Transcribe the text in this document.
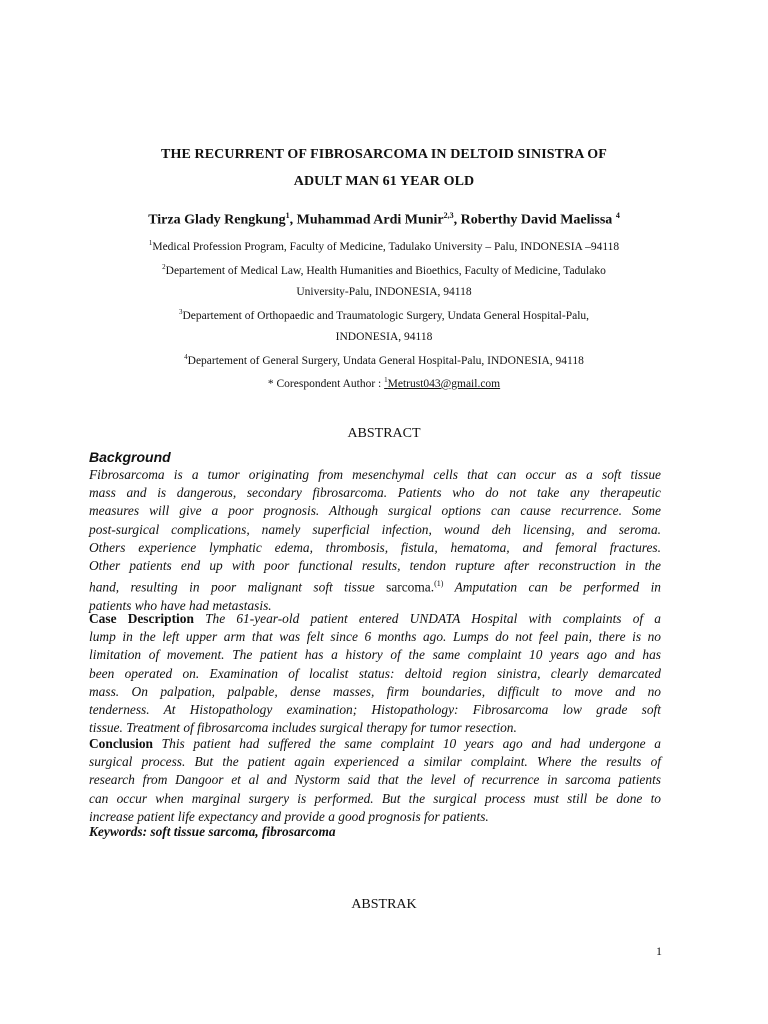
THE RECURRENT OF FIBROSARCOMA IN DELTOID SINISTRA OF
ADULT MAN 61 YEAR OLD
Tirza Glady Rengkung$^1$, Muhammad Ardi Munir$^{2,3}$, Roberthy David Maelissa $^4$
$^1$Medical Profession Program, Faculty of Medicine, Tadulako University – Palu, INDONESIA –94118
$^2$Departement of Medical Law, Health Humanities and Bioethics, Faculty of Medicine, Tadulako
University-Palu, INDONESIA, 94118
$^3$Departement of Orthopaedic and Traumatologic Surgery, Undata General Hospital-Palu,
INDONESIA, 94118
$^4$Departement of General Surgery, Undata General Hospital-Palu, INDONESIA, 94118
* Corespondent Author : $^1$Metrust043@gmail.com
ABSTRACT
Background
Fibrosarcoma is a tumor originating from mesenchymal cells that can occur as a soft tissue
mass and is dangerous, secondary fibrosarcoma. Patients who do not take any therapeutic
measures will give a poor prognosis. Although surgical options can cause recurrence. Some
post-surgical complications, namely superficial infection, wound deh licensing, and seroma.
Others experience lymphatic edema, thrombosis, fistula, hematoma, and femoral fractures.
Other patients end up with poor functional results, tendon rupture after reconstruction in the
hand, resulting in poor malignant soft tissue sarcoma.$^{(1)}$ Amputation can be performed in
patients who have had metastasis.
Case Description The 61-year-old patient entered UNDATA Hospital with complaints of a
lump in the left upper arm that was felt since 6 months ago. Lumps do not feel pain, there is no
limitation of movement. The patient has a history of the same complaint 10 years ago and has
been operated on. Examination of localist status: deltoid region sinistra, clearly demarcated
mass. On palpation, palpable, dense masses, firm boundaries, difficult to move and no
tenderness. At Histopathology examination; Histopathology: Fibrosarcoma low grade soft
tissue. Treatment of fibrosarcoma includes surgical therapy for tumor resection.
Conclusion This patient had suffered the same complaint 10 years ago and had undergone a
surgical process. But the patient again experienced a similar complaint. Where the results of
research from Dangoor et al and Nystorm said that the level of recurrence in sarcoma patients
can occur when marginal surgery is performed. But the surgical process must still be done to
increase patient life expectancy and provide a good prognosis for patients.
Keywords: soft tissue sarcoma, fibrosarcoma
ABSTRAK
1
